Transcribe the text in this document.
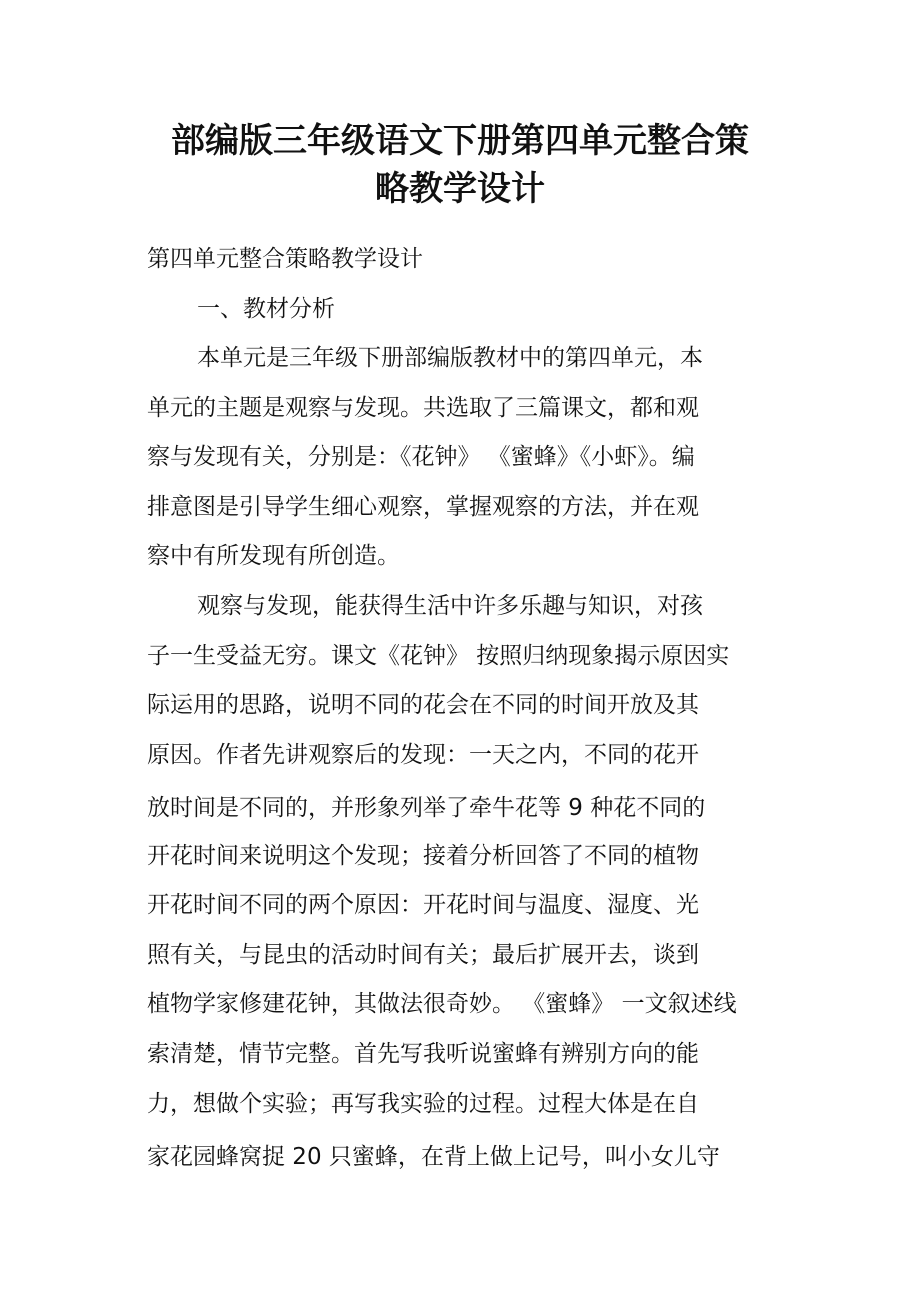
部编版三年级语文下册第四单元整合策
略教学设计
第四单元整合策略教学设计
一、教材分析
本单元是三年级下册部编版教材中的第四单元，本
单元的主题是观察与发现。共选取了三篇课文，都和观
察与发现有关，分别是：《花钟》 《蜜蜂》《小虾》。编
排意图是引导学生细心观察，掌握观察的方法，并在观
察中有所发现有所创造。
观察与发现，能获得生活中许多乐趣与知识，对孩
子一生受益无穷。课文《花钟》 按照归纳现象揭示原因实
际运用的思路，说明不同的花会在不同的时间开放及其
原因。作者先讲观察后的发现：一天之内，不同的花开
放时间是不同的，并形象列举了牵牛花等 9 种花不同的
开花时间来说明这个发现；接着分析回答了不同的植物
开花时间不同的两个原因：开花时间与温度、湿度、光
照有关，与昆虫的活动时间有关；最后扩展开去，谈到
植物学家修建花钟，其做法很奇妙。 《蜜蜂》 一文叙述线
索清楚，情节完整。首先写我听说蜜蜂有辨别方向的能
力，想做个实验；再写我实验的过程。过程大体是在自
家花园蜂窝捉 20 只蜜蜂，在背上做上记号，叫小女儿守
